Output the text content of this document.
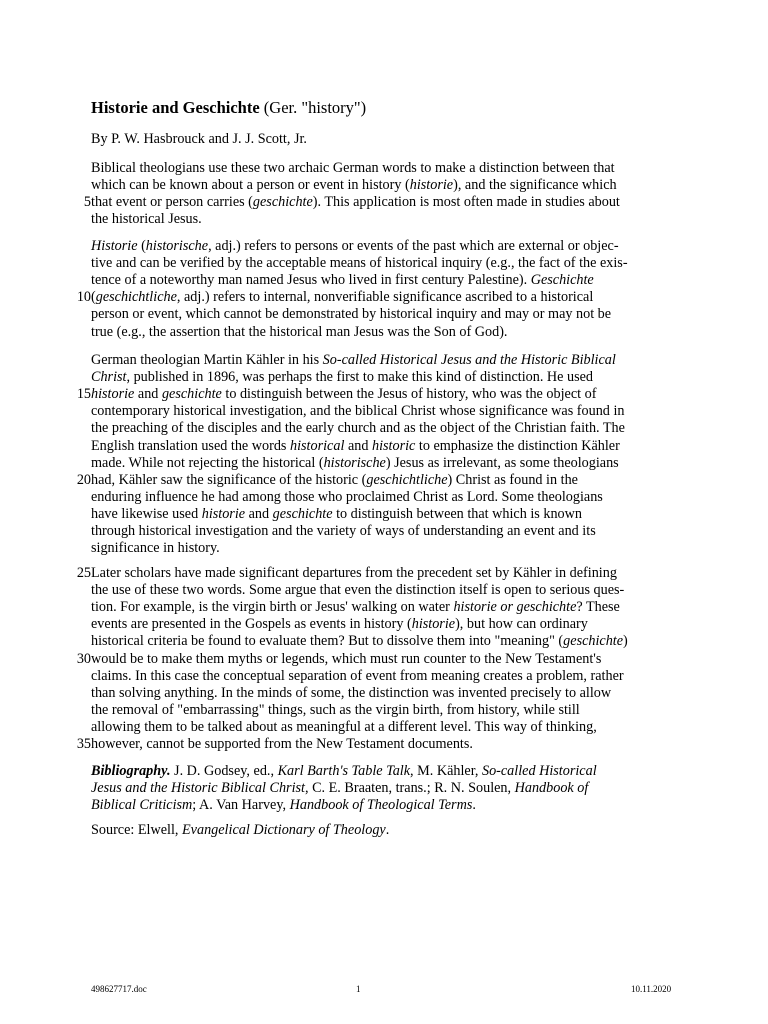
Historie and Geschichte (Ger. "history")
By P. W. Hasbrouck and J. J. Scott, Jr.
Biblical theologians use these two archaic German words to make a distinction between that
which can be known about a person or event in history (historie), and the significance which
5 that event or person carries (geschichte). This application is most often made in studies about
the historical Jesus.
Historie (historische, adj.) refers to persons or events of the past which are external or objec-
tive and can be verified by the acceptable means of historical inquiry (e.g., the fact of the exis-
tence of a noteworthy man named Jesus who lived in first century Palestine). Geschichte
10 (geschichtliche, adj.) refers to internal, nonverifiable significance ascribed to a historical
person or event, which cannot be demonstrated by historical inquiry and may or may not be
true (e.g., the assertion that the historical man Jesus was the Son of God).
German theologian Martin Kähler in his So-called Historical Jesus and the Historic Biblical
Christ, published in 1896, was perhaps the first to make this kind of distinction. He used
15 historie and geschichte to distinguish between the Jesus of history, who was the object of
contemporary historical investigation, and the biblical Christ whose significance was found in
the preaching of the disciples and the early church and as the object of the Christian faith. The
English translation used the words historical and historic to emphasize the distinction Kähler
made. While not rejecting the historical (historische) Jesus as irrelevant, as some theologians
20 had, Kähler saw the significance of the historic (geschichtliche) Christ as found in the
enduring influence he had among those who proclaimed Christ as Lord. Some theologians
have likewise used historie and geschichte to distinguish between that which is known
through historical investigation and the variety of ways of understanding an event and its
significance in history.
25 Later scholars have made significant departures from the precedent set by Kähler in defining
the use of these two words. Some argue that even the distinction itself is open to serious ques-
tion. For example, is the virgin birth or Jesus' walking on water historie or geschichte? These
events are presented in the Gospels as events in history (historie), but how can ordinary
historical criteria be found to evaluate them? But to dissolve them into "meaning" (geschichte)
30 would be to make them myths or legends, which must run counter to the New Testament's
claims. In this case the conceptual separation of event from meaning creates a problem, rather
than solving anything. In the minds of some, the distinction was invented precisely to allow
the removal of "embarrassing" things, such as the virgin birth, from history, while still
allowing them to be talked about as meaningful at a different level. This way of thinking,
35 however, cannot be supported from the New Testament documents.
Bibliography. J. D. Godsey, ed., Karl Barth's Table Talk, M. Kähler, So-called Historical
Jesus and the Historic Biblical Christ, C. E. Braaten, trans.; R. N. Soulen, Handbook of
Biblical Criticism; A. Van Harvey, Handbook of Theological Terms.
Source: Elwell, Evangelical Dictionary of Theology.
498627717.doc	1	10.11.2020
